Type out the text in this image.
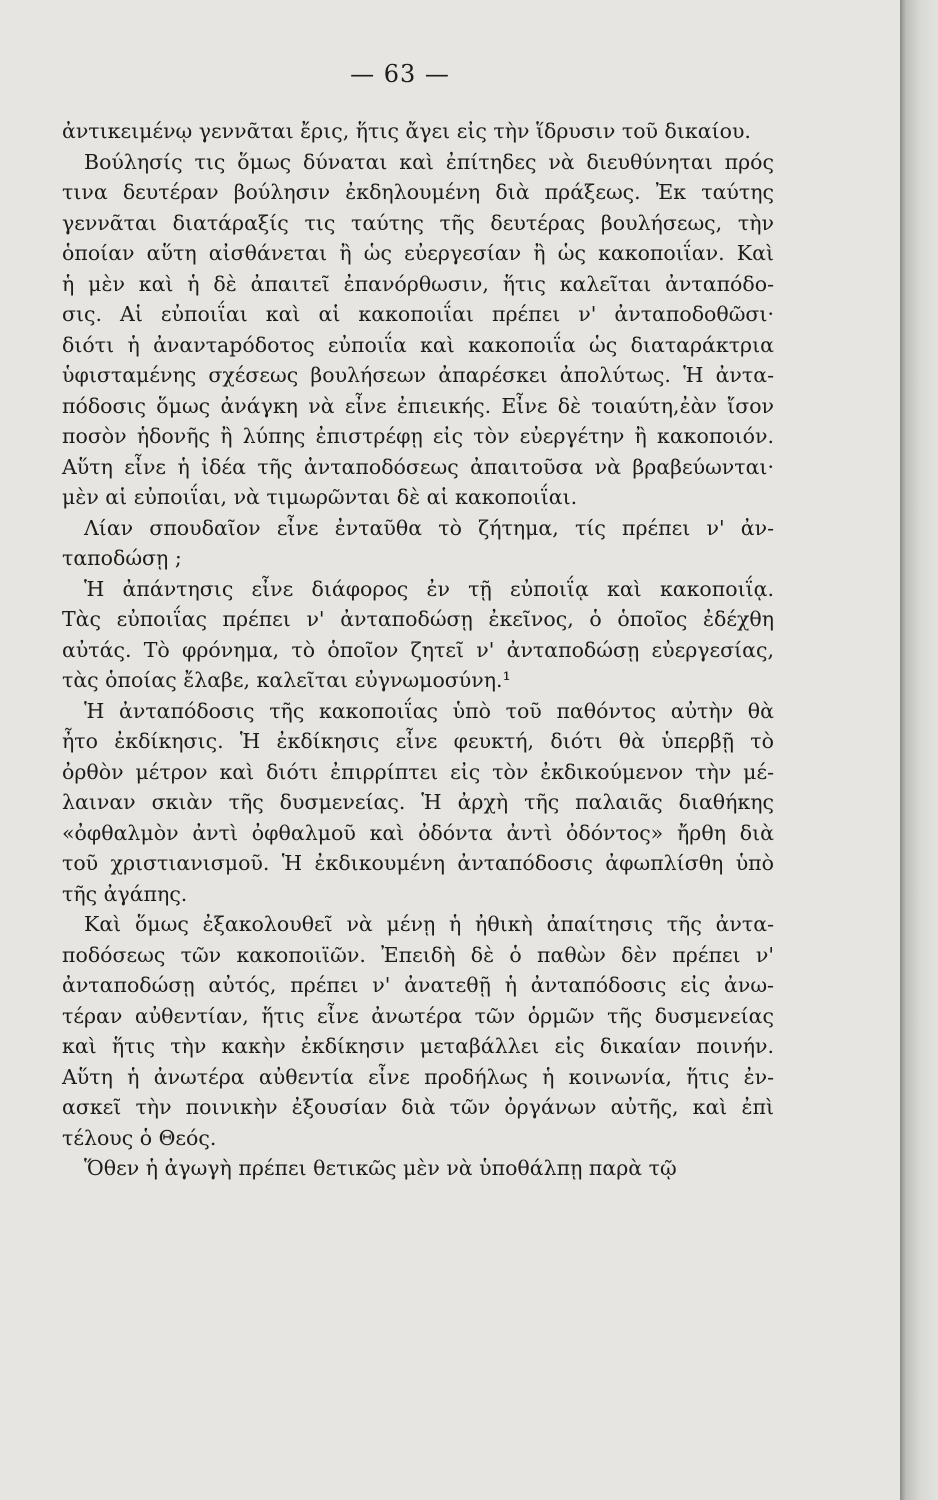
— 63 —
ἀντικειμένῳ γεννᾶται ἔρις, ἥτις ἄγει εἰς τὴν ἵδρυσιν τοῦ δικαίου.
Βούλησίς τις ὅμως δύναται καὶ ἐπίτηδες νὰ διευθύνηται πρός
τινα δευτέραν βούλησιν ἐκδηλουμένη διὰ πράξεως. Ἐκ ταύτης
γεννᾶται διατάραξίς τις ταύτης τῆς δευτέρας βουλήσεως, τὴν
ὁποίαν αὕτη αἰσθάνεται ἢ ὡς εὐεργεσίαν ἢ ὡς κακοποιΐαν. Καὶ
ἡ μὲν καὶ ἡ δὲ ἀπαιτεῖ ἐπανόρθωσιν, ἥτις καλεῖται ἀνταπόδο-
σις. Αἱ εὐποιΐαι καὶ αἱ κακοποιΐαι πρέπει ν' ἀνταποδοθῶσι·
διότι ἡ ἀναντapόδοτος εὐποιΐα καὶ κακοποιΐα ὡς διαταράκτρια
ὑφισταμένης σχέσεως βουλήσεων ἀπαρέσκει ἀπολύτως. Ἡ ἀντα-
πόδοσις ὅμως ἀνάγκη νὰ εἶνε ἐπιεικής. Εἶνε δὲ τοιαύτη,ἐὰν ἴσον
ποσὸν ἡδονῆς ἢ λύπης ἐπιστρέφῃ εἰς τὸν εὐεργέτην ἢ κακοποιόν.
Αὕτη εἶνε ἡ ἰδέα τῆς ἀνταποδόσεως ἀπαιτοῦσα νὰ βραβεύωνται·
μὲν αἱ εὐποιΐαι, νὰ τιμωρῶνται δὲ αἱ κακοποιΐαι.
Λίαν σπουδαῖον εἶνε ἐνταῦθα τὸ ζήτημα, τίς πρέπει ν' ἀν-
ταποδώσῃ ;
Ἡ ἀπάντησις εἶνε διάφορος ἐν τῇ εὐποιΐᾳ καὶ κακοποιΐᾳ.
Τὰς εὐποιΐας πρέπει ν' ἀνταποδώσῃ ἐκεῖνος, ὁ ὁποῖος ἐδέχθη
αὐτάς. Τὸ φρόνημα, τὸ ὁποῖον ζητεῖ ν' ἀνταποδώσῃ εὐεργεσίας,
τὰς ὁποίας ἔλαβε, καλεῖται εὐγνωμοσύνη.¹
Ἡ ἀνταπόδοσις τῆς κακοποιΐας ὑπὸ τοῦ παθόντος αὐτὴν θὰ
ἦτο ἐκδίκησις. Ἡ ἐκδίκησις εἶνε φευκτή, διότι θὰ ὑπερβῇ τὸ
ὀρθὸν μέτρον καὶ διότι ἐπιρρίπτει εἰς τὸν ἐκδικούμενον τὴν μέ-
λαιναν σκιὰν τῆς δυσμενείας. Ἡ ἀρχὴ τῆς παλαιᾶς διαθήκης
«ὀφθαλμὸν ἀντὶ ὀφθαλμοῦ καὶ ὀδόντα ἀντὶ ὀδόντος» ἤρθη διὰ
τοῦ χριστιανισμοῦ. Ἡ ἐκδικουμένη ἀνταπόδοσις ἀφωπλίσθη ὑπὸ
τῆς ἀγάπης.
Καὶ ὅμως ἐξακολουθεῖ νὰ μένῃ ἡ ἠθικὴ ἀπαίτησις τῆς ἀντα-
ποδόσεως τῶν κακοποιϊῶν. Ἐπειδὴ δὲ ὁ παθὼν δὲν πρέπει ν'
ἀνταποδώσῃ αὐτός, πρέπει ν' ἀνατεθῇ ἡ ἀνταπόδοσις εἰς ἀνω-
τέραν αὐθεντίαν, ἥτις εἶνε ἀνωτέρα τῶν ὁρμῶν τῆς δυσμενείας
καὶ ἥτις τὴν κακὴν ἐκδίκησιν μεταβάλλει εἰς δικαίαν ποινήν.
Αὕτη ἡ ἀνωτέρα αὐθεντία εἶνε προδήλως ἡ κοινωνία, ἥτις ἐν-
ασκεῖ τὴν ποινικὴν ἐξουσίαν διὰ τῶν ὀργάνων αὐτῆς, καὶ ἐπὶ
τέλους ὁ Θεός.
Ὅθεν ἡ ἀγωγὴ πρέπει θετικῶς μὲν νὰ ὑποθάλπῃ παρὰ τῷ
